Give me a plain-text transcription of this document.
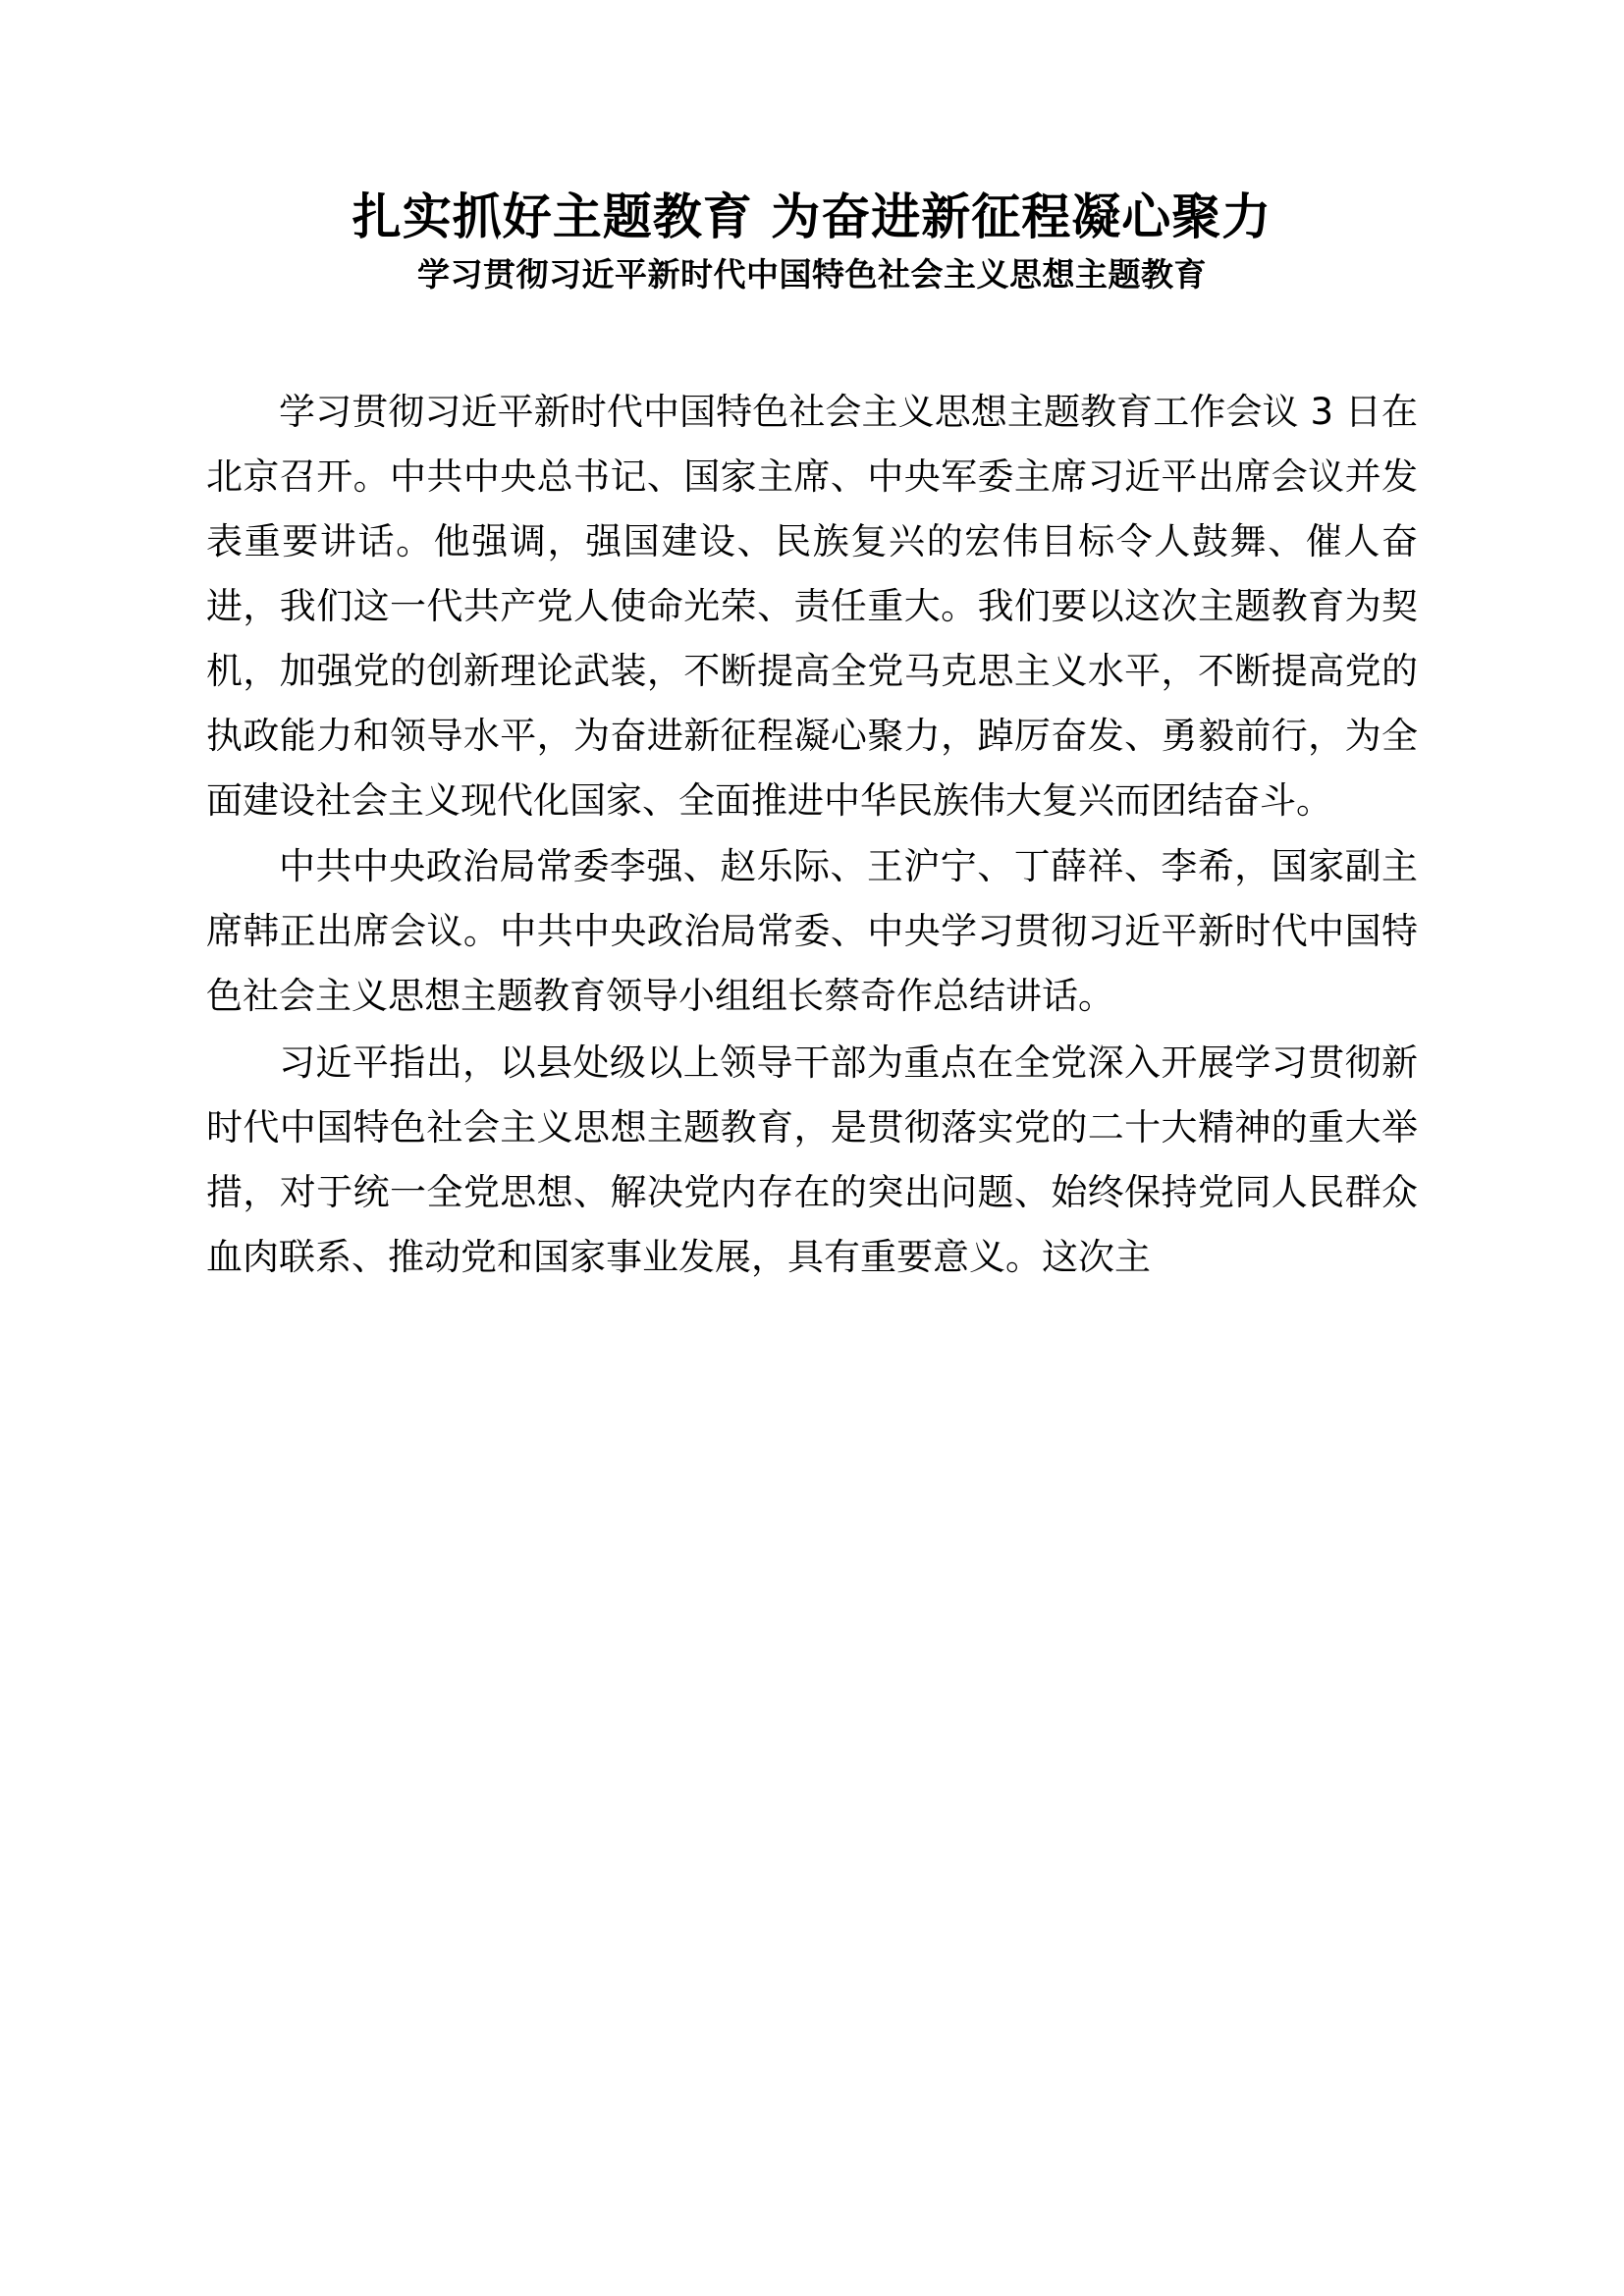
扎实抓好主题教育 为奋进新征程凝心聚力
学习贯彻习近平新时代中国特色社会主义思想主题教育

学习贯彻习近平新时代中国特色社会主义思想主题教育工作会议 3 日在北京召开。中共中央总书记、国家主席、中央军委主席习近平出席会议并发表重要讲话。他强调，强国建设、民族复兴的宏伟目标令人鼓舞、催人奋进，我们这一代共产党人使命光荣、责任重大。我们要以这次主题教育为契机，加强党的创新理论武装，不断提高全党马克思主义水平，不断提高党的执政能力和领导水平，为奋进新征程凝心聚力，踔厉奋发、勇毅前行，为全面建设社会主义现代化国家、全面推进中华民族伟大复兴而团结奋斗。

中共中央政治局常委李强、赵乐际、王沪宁、丁薛祥、李希，国家副主席韩正出席会议。中共中央政治局常委、中央学习贯彻习近平新时代中国特色社会主义思想主题教育领导小组组长蔡奇作总结讲话。

习近平指出，以县处级以上领导干部为重点在全党深入开展学习贯彻新时代中国特色社会主义思想主题教育，是贯彻落实党的二十大精神的重大举措，对于统一全党思想、解决党内存在的突出问题、始终保持党同人民群众血肉联系、推动党和国家事业发展，具有重要意义。这次主
